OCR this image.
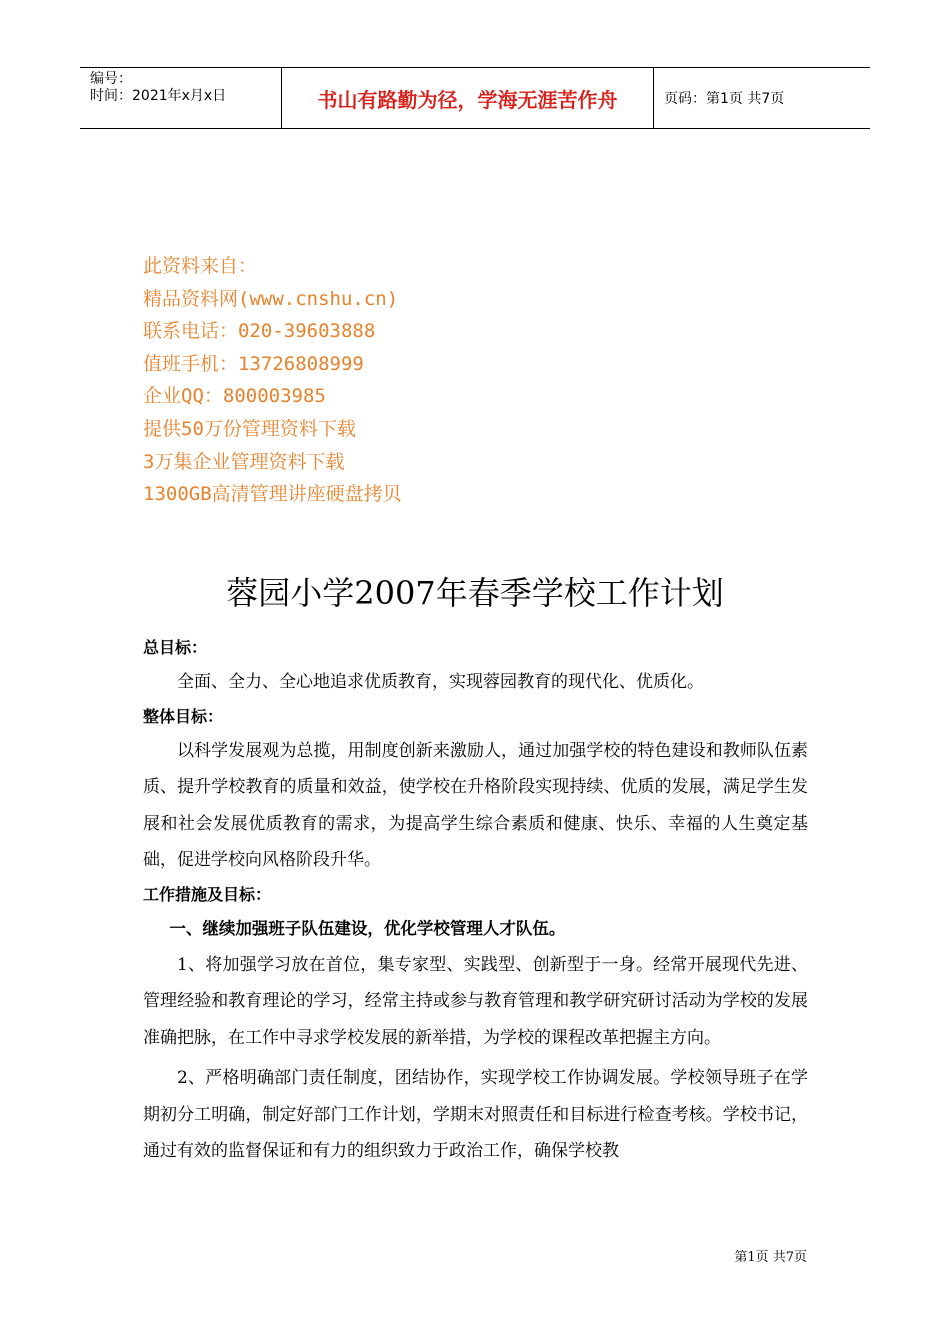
编号：
时间：2021年x月x日	书山有路勤为径，学海无涯苦作舟	页码：第1页 共7页
此资料来自：
精品资料网(www.cnshu.cn)
联系电话：020-39603888
值班手机：13726808999
企业QQ：800003985
提供50万份管理资料下载
3万集企业管理资料下载
1300GB高清管理讲座硬盘拷贝
蓉园小学2007年春季学校工作计划
总目标：
全面、全力、全心地追求优质教育，实现蓉园教育的现代化、优质化。
整体目标：
以科学发展观为总揽，用制度创新来激励人，通过加强学校的特色建设和教师队伍素质、提升学校教育的质量和效益，使学校在升格阶段实现持续、优质的发展，满足学生发展和社会发展优质教育的需求，为提高学生综合素质和健康、快乐、幸福的人生奠定基础，促进学校向风格阶段升华。
工作措施及目标：
一、继续加强班子队伍建设，优化学校管理人才队伍。
1、将加强学习放在首位，集专家型、实践型、创新型于一身。经常开展现代先进、管理经验和教育理论的学习，经常主持或参与教育管理和教学研究研讨活动为学校的发展准确把脉，在工作中寻求学校发展的新举措，为学校的课程改革把握主方向。
2、严格明确部门责任制度，团结协作，实现学校工作协调发展。学校领导班子在学期初分工明确，制定好部门工作计划，学期末对照责任和目标进行检查考核。学校书记，通过有效的监督保证和有力的组织致力于政治工作，确保学校教
第1页 共7页
